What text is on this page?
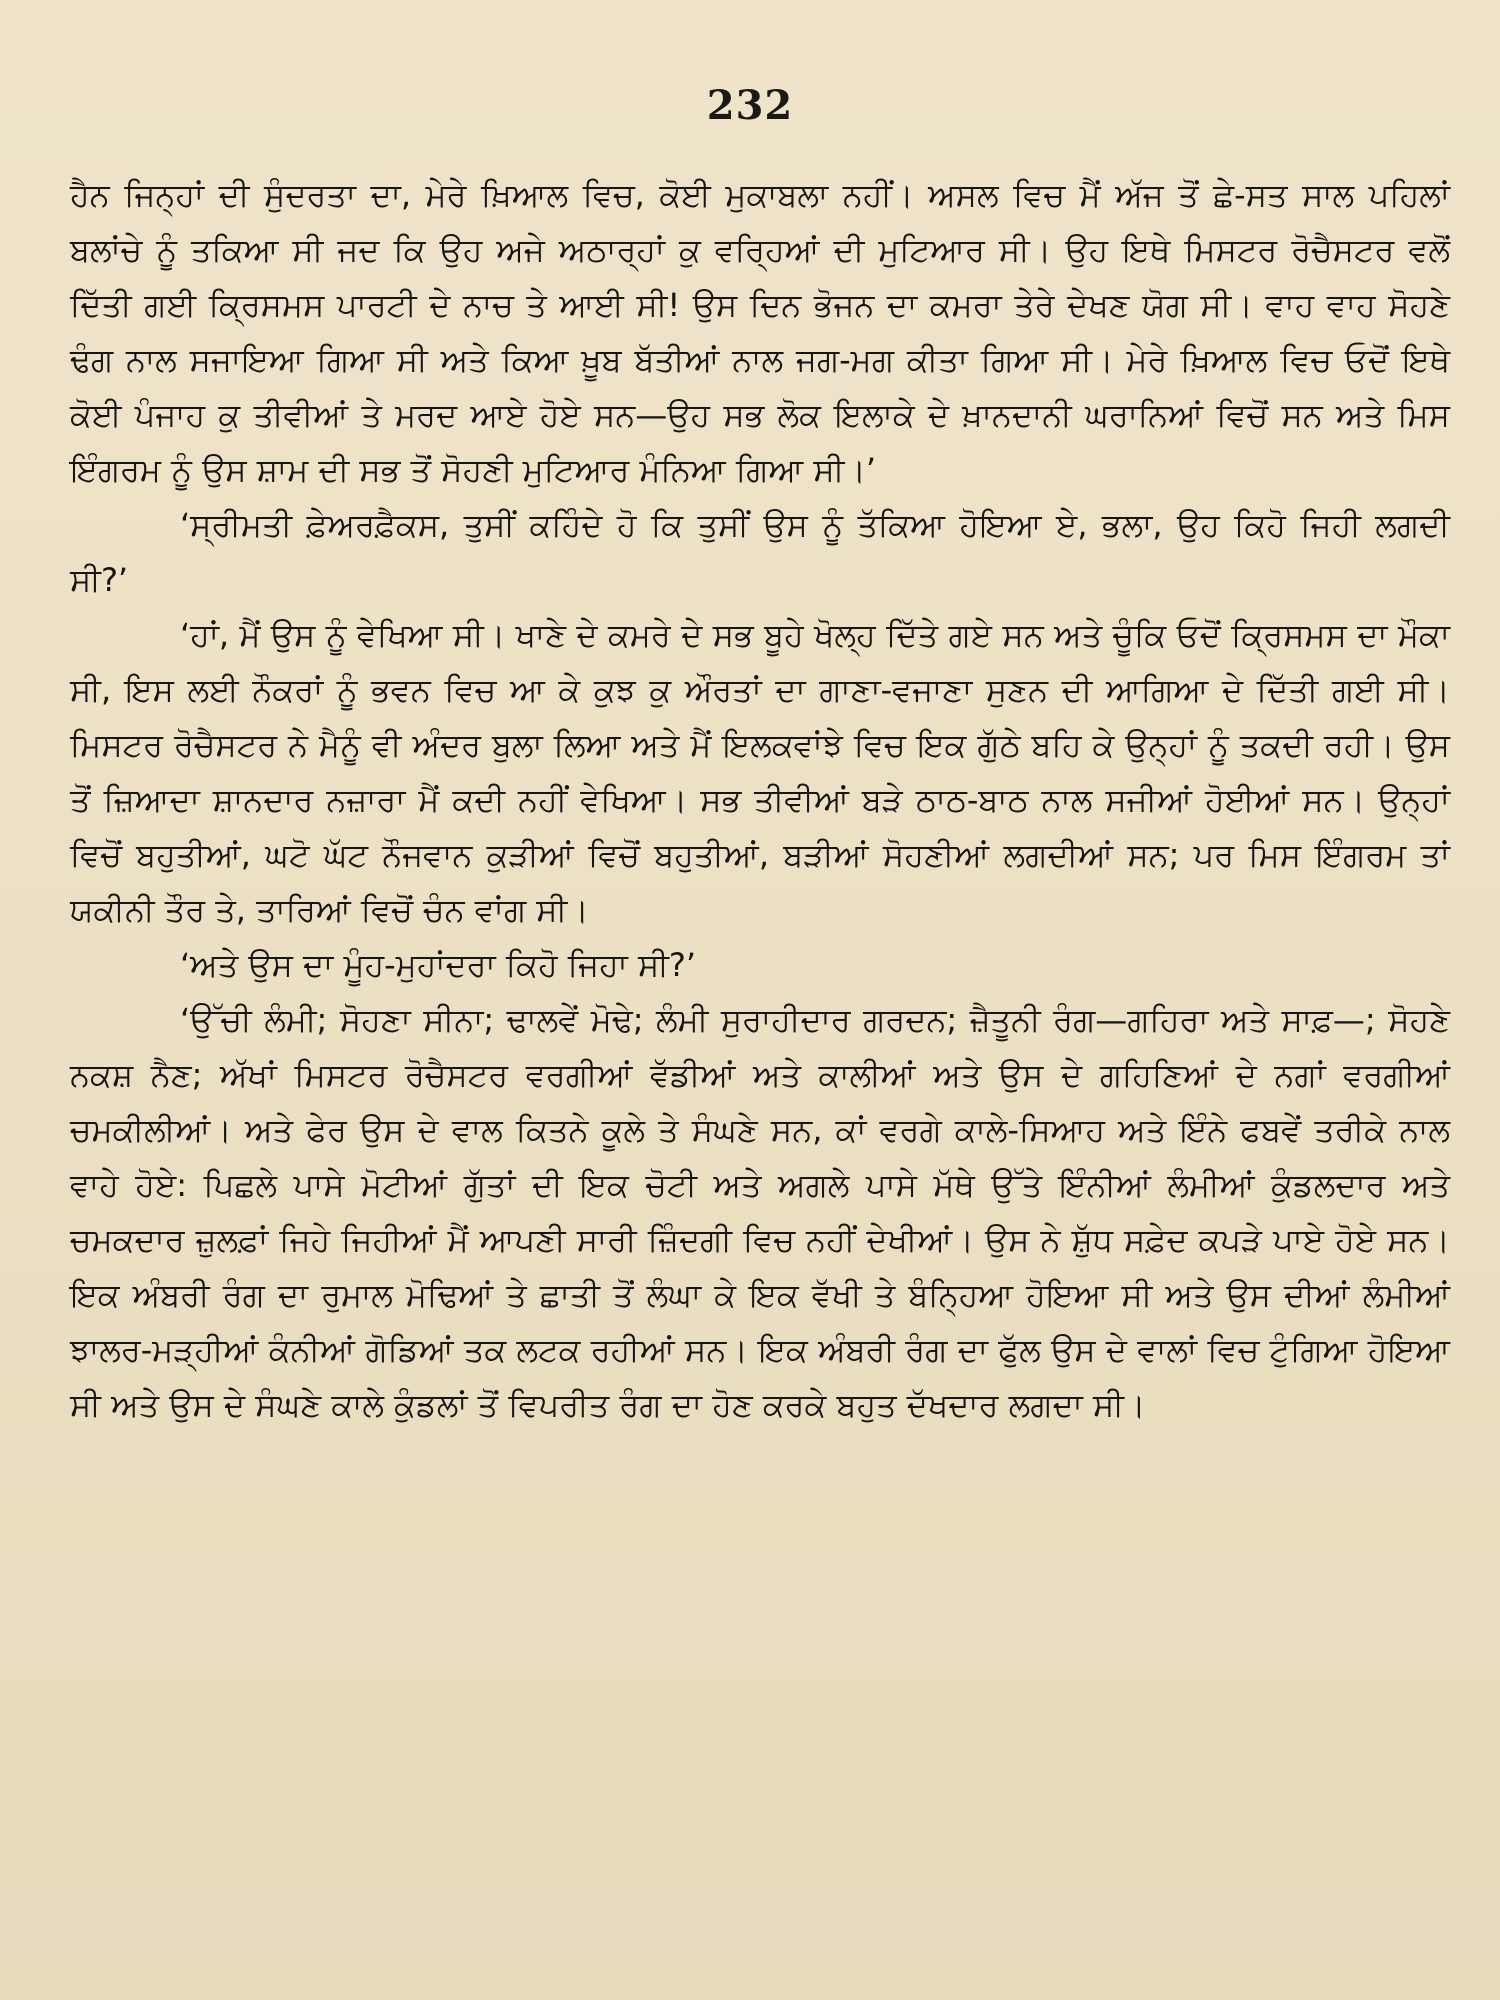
232

ਹੈਨ ਜਿਨ੍ਹਾਂ ਦੀ ਸੁੰਦਰਤਾ ਦਾ, ਮੇਰੇ ਖ਼ਿਆਲ ਵਿਚ, ਕੋਈ ਮੁਕਾਬਲਾ ਨਹੀਂ। ਅਸਲ ਵਿਚ ਮੈਂ ਅੱਜ ਤੋਂ ਛੇ-ਸਤ ਸਾਲ ਪਹਿਲਾਂ ਬਲਾਂਚੇ ਨੂੰ ਤਕਿਆ ਸੀ ਜਦ ਕਿ ਉਹ ਅਜੇ ਅਠਾਰ੍ਹਾਂ ਕੁ ਵਰ੍ਹਿਆਂ ਦੀ ਮੁਟਿਆਰ ਸੀ। ਉਹ ਇਥੇ ਮਿਸਟਰ ਰੋਚੈਸਟਰ ਵਲੋਂ ਦਿੱਤੀ ਗਈ ਕ੍ਰਿਸਮਸ ਪਾਰਟੀ ਦੇ ਨਾਚ ਤੇ ਆਈ ਸੀ! ਉਸ ਦਿਨ ਭੋਜਨ ਦਾ ਕਮਰਾ ਤੇਰੇ ਦੇਖਣ ਯੋਗ ਸੀ। ਵਾਹ ਵਾਹ ਸੋਹਣੇ ਢੰਗ ਨਾਲ ਸਜਾਇਆ ਗਿਆ ਸੀ ਅਤੇ ਕਿਆ ਖ਼ੂਬ ਬੱਤੀਆਂ ਨਾਲ ਜਗ-ਮਗ ਕੀਤਾ ਗਿਆ ਸੀ। ਮੇਰੇ ਖ਼ਿਆਲ ਵਿਚ ਓਦੋਂ ਇਥੇ ਕੋਈ ਪੰਜਾਹ ਕੁ ਤੀਵੀਆਂ ਤੇ ਮਰਦ ਆਏ ਹੋਏ ਸਨ—ਉਹ ਸਭ ਲੋਕ ਇਲਾਕੇ ਦੇ ਖ਼ਾਨਦਾਨੀ ਘਰਾਨਿਆਂ ਵਿਚੋਂ ਸਨ ਅਤੇ ਮਿਸ ਇੰਗਰਮ ਨੂੰ ਉਸ ਸ਼ਾਮ ਦੀ ਸਭ ਤੋਂ ਸੋਹਣੀ ਮੁਟਿਆਰ ਮੰਨਿਆ ਗਿਆ ਸੀ।’

‘ਸ੍ਰੀਮਤੀ ਫ਼ੇਅਰਫ਼ੈਕਸ, ਤੁਸੀਂ ਕਹਿੰਦੇ ਹੋ ਕਿ ਤੁਸੀਂ ਉਸ ਨੂੰ ਤੱਕਿਆ ਹੋਇਆ ਏ, ਭਲਾ, ਉਹ ਕਿਹੋ ਜਿਹੀ ਲਗਦੀ ਸੀ?’

‘ਹਾਂ, ਮੈਂ ਉਸ ਨੂੰ ਵੇਖਿਆ ਸੀ। ਖਾਣੇ ਦੇ ਕਮਰੇ ਦੇ ਸਭ ਬੂਹੇ ਖੋਲ੍ਹ ਦਿੱਤੇ ਗਏ ਸਨ ਅਤੇ ਚੂੰਕਿ ਓਦੋਂ ਕ੍ਰਿਸਮਸ ਦਾ ਮੌਕਾ ਸੀ, ਇਸ ਲਈ ਨੌਕਰਾਂ ਨੂੰ ਭਵਨ ਵਿਚ ਆ ਕੇ ਕੁਝ ਕੁ ਔਰਤਾਂ ਦਾ ਗਾਣਾ-ਵਜਾਣਾ ਸੁਣਨ ਦੀ ਆਗਿਆ ਦੇ ਦਿੱਤੀ ਗਈ ਸੀ। ਮਿਸਟਰ ਰੋਚੈਸਟਰ ਨੇ ਮੈਨੂੰ ਵੀ ਅੰਦਰ ਬੁਲਾ ਲਿਆ ਅਤੇ ਮੈਂ ਇਲਕਵਾਂਝੇ ਵਿਚ ਇਕ ਗੁੱਠੇ ਬਹਿ ਕੇ ਉਨ੍ਹਾਂ ਨੂੰ ਤਕਦੀ ਰਹੀ। ਉਸ ਤੋਂ ਜ਼ਿਆਦਾ ਸ਼ਾਨਦਾਰ ਨਜ਼ਾਰਾ ਮੈਂ ਕਦੀ ਨਹੀਂ ਵੇਖਿਆ। ਸਭ ਤੀਵੀਆਂ ਬੜੇ ਠਾਠ-ਬਾਠ ਨਾਲ ਸਜੀਆਂ ਹੋਈਆਂ ਸਨ। ਉਨ੍ਹਾਂ ਵਿਚੋਂ ਬਹੁਤੀਆਂ, ਘਟੋ ਘੱਟ ਨੌਜਵਾਨ ਕੁੜੀਆਂ ਵਿਚੋਂ ਬਹੁਤੀਆਂ, ਬੜੀਆਂ ਸੋਹਣੀਆਂ ਲਗਦੀਆਂ ਸਨ; ਪਰ ਮਿਸ ਇੰਗਰਮ ਤਾਂ ਯਕੀਨੀ ਤੌਰ ਤੇ, ਤਾਰਿਆਂ ਵਿਚੋਂ ਚੰਨ ਵਾਂਗ ਸੀ।

‘ਅਤੇ ਉਸ ਦਾ ਮੂੰਹ-ਮੁਹਾਂਦਰਾ ਕਿਹੋ ਜਿਹਾ ਸੀ?’

‘ਉੱਚੀ ਲੰਮੀ; ਸੋਹਣਾ ਸੀਨਾ; ਢਾਲਵੇਂ ਮੋਢੇ; ਲੰਮੀ ਸੁਰਾਹੀਦਾਰ ਗਰਦਨ; ਜ਼ੈਤੂਨੀ ਰੰਗ—ਗਹਿਰਾ ਅਤੇ ਸਾਫ਼—; ਸੋਹਣੇ ਨਕਸ਼ ਨੈਣ; ਅੱਖਾਂ ਮਿਸਟਰ ਰੋਚੈਸਟਰ ਵਰਗੀਆਂ ਵੱਡੀਆਂ ਅਤੇ ਕਾਲੀਆਂ ਅਤੇ ਉਸ ਦੇ ਗਹਿਣਿਆਂ ਦੇ ਨਗਾਂ ਵਰਗੀਆਂ ਚਮਕੀਲੀਆਂ। ਅਤੇ ਫੇਰ ਉਸ ਦੇ ਵਾਲ ਕਿਤਨੇ ਕੂਲੇ ਤੇ ਸੰਘਣੇ ਸਨ, ਕਾਂ ਵਰਗੇ ਕਾਲੇ-ਸਿਆਹ ਅਤੇ ਇੰਨੇ ਫਬਵੇਂ ਤਰੀਕੇ ਨਾਲ ਵਾਹੇ ਹੋਏ: ਪਿਛਲੇ ਪਾਸੇ ਮੋਟੀਆਂ ਗੁੱਤਾਂ ਦੀ ਇਕ ਚੋਟੀ ਅਤੇ ਅਗਲੇ ਪਾਸੇ ਮੱਥੇ ਉੱਤੇ ਇੰਨੀਆਂ ਲੰਮੀਆਂ ਕੁੰਡਲਦਾਰ ਅਤੇ ਚਮਕਦਾਰ ਜ਼ੁਲਫ਼ਾਂ ਜਿਹੇ ਜਿਹੀਆਂ ਮੈਂ ਆਪਣੀ ਸਾਰੀ ਜ਼ਿੰਦਗੀ ਵਿਚ ਨਹੀਂ ਦੇਖੀਆਂ। ਉਸ ਨੇ ਸ਼ੁੱਧ ਸਫ਼ੇਦ ਕਪੜੇ ਪਾਏ ਹੋਏ ਸਨ। ਇਕ ਅੰਬਰੀ ਰੰਗ ਦਾ ਰੁਮਾਲ ਮੋਢਿਆਂ ਤੇ ਛਾਤੀ ਤੋਂ ਲੰਘਾ ਕੇ ਇਕ ਵੱਖੀ ਤੇ ਬੰਨ੍ਹਿਆ ਹੋਇਆ ਸੀ ਅਤੇ ਉਸ ਦੀਆਂ ਲੰਮੀਆਂ ਝਾਲਰ-ਮੜ੍ਹੀਆਂ ਕੰਨੀਆਂ ਗੋਡਿਆਂ ਤਕ ਲਟਕ ਰਹੀਆਂ ਸਨ। ਇਕ ਅੰਬਰੀ ਰੰਗ ਦਾ ਫੁੱਲ ਉਸ ਦੇ ਵਾਲਾਂ ਵਿਚ ਟੁੰਗਿਆ ਹੋਇਆ ਸੀ ਅਤੇ ਉਸ ਦੇ ਸੰਘਣੇ ਕਾਲੇ ਕੁੰਡਲਾਂ ਤੋਂ ਵਿਪਰੀਤ ਰੰਗ ਦਾ ਹੋਣ ਕਰਕੇ ਬਹੁਤ ਦੱਖਦਾਰ ਲਗਦਾ ਸੀ।
